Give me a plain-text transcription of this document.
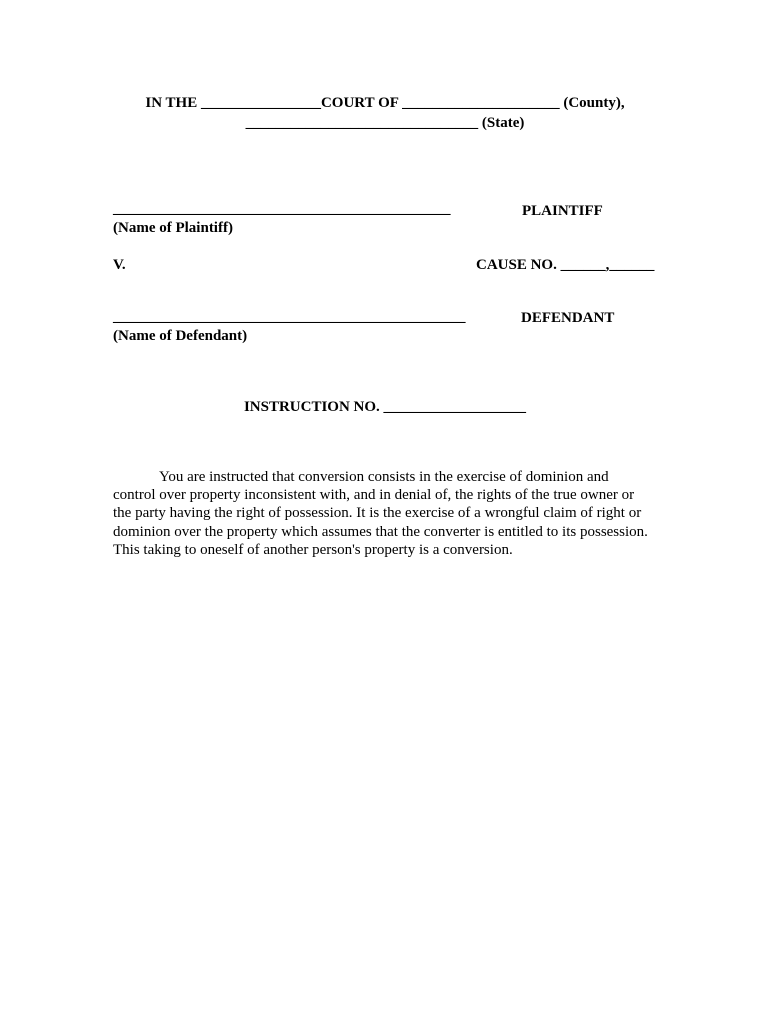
IN THE ________________COURT OF _____________________ (County),
_______________________________ (State)
_____________________________________________
(Name of Plaintiff)
PLAINTIFF
V.	CAUSE NO. ______,______
_______________________________________________
(Name of Defendant)
DEFENDANT
INSTRUCTION NO. ___________________
You are instructed that conversion consists in the exercise of dominion and
control over property inconsistent with, and in denial of, the rights of the true owner or
the party having the right of possession. It is the exercise of a wrongful claim of right or
dominion over the property which assumes that the converter is entitled to its possession.
This taking to oneself of another person's property is a conversion.
